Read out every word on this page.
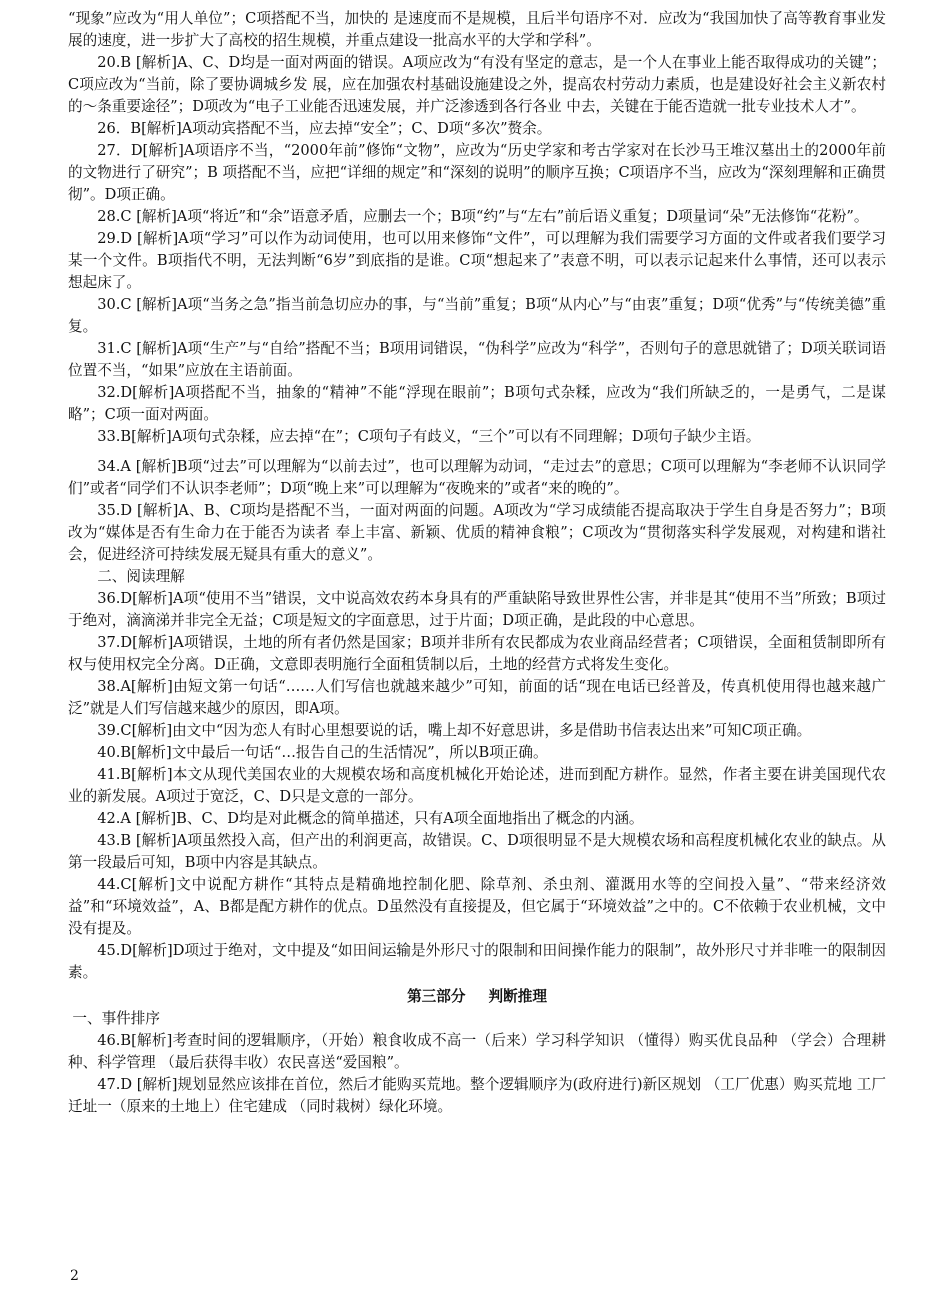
“现象”应改为“用人单位”；C项搭配不当，加快的 是速度而不是规模，且后半句语序不对．应改为“我国加快了高等教育事业发展的速度，进一步扩大了高校的招生规模，并重点建设一批高水平的大学和学科”。

20.B [解析]A、C、D均是一面对两面的错误。A项应改为“有没有坚定的意志，是一个人在事业上能否取得成功的关键”；C项应改为“当前，除了要协调城乡发 展，应在加强农村基础设施建设之外，提高农村劳动力素质，也是建设好社会主义新农村的～条重要途径”；D项改为“电子工业能否迅速发展，并广泛渗透到各行各业 中去，关键在于能否造就一批专业技术人才”。

26．B[解析]A项动宾搭配不当，应去掉“安全”；C、D项“多次”赘余。

27．D[解析]A项语序不当，“2000年前”修饰“文物”，应改为“历史学家和考古学家对在长沙马王堆汉墓出土的2000年前的文物进行了研究”；B 项搭配不当，应把“详细的规定”和“深刻的说明”的顺序互换；C项语序不当，应改为“深刻理解和正确贯彻”。D项正确。

28.C [解析]A项“将近”和“余”语意矛盾，应删去一个；B项“约”与“左右”前后语义重复；D项量词“朵”无法修饰“花粉”。

29.D [解析]A项“学习”可以作为动词使用，也可以用来修饰“文件”，可以理解为我们需要学习方面的文件或者我们要学习某一个文件。B项指代不明，无法判断“6岁”到底指的是谁。C项“想起来了”表意不明，可以表示记起来什么事情，还可以表示想起床了。

30.C [解析]A项“当务之急”指当前急切应办的事，与“当前”重复；B项“从内心”与“由衷”重复；D项“优秀”与“传统美德”重复。

31.C [解析]A项“生产”与“自给”搭配不当；B项用词错误，“伪科学”应改为“科学”，否则句子的意思就错了；D项关联词语位置不当，“如果”应放在主语前面。

32.D[解析]A项搭配不当，抽象的“精神”不能“浮现在眼前”；B项句式杂糅，应改为“我们所缺乏的，一是勇气，二是谋略”；C项一面对两面。

33.B[解析]A项句式杂糅，应去掉“在”；C项句子有歧义，“三个”可以有不同理解；D项句子缺少主语。

34.A [解析]B项“过去”可以理解为“以前去过”，也可以理解为动词，“走过去”的意思；C项可以理解为“李老师不认识同学们”或者“同学们不认识李老师”；D项“晚上来”可以理解为“夜晚来的”或者“来的晚的”。

35.D [解析]A、B、C项均是搭配不当，一面对两面的问题。A项改为“学习成绩能否提高取决于学生自身是否努力”；B项改为“媒体是否有生命力在于能否为读者 奉上丰富、新颖、优质的精神食粮”；C项改为“贯彻落实科学发展观，对构建和谐社会，促进经济可持续发展无疑具有重大的意义”。

二、阅读理解

36.D[解析]A项“使用不当”错误，文中说高效农药本身具有的严重缺陷导致世界性公害，并非是其“使用不当”所致；B项过于绝对，滴滴涕并非完全无益；C项是短文的字面意思，过于片面；D项正确，是此段的中心意思。

37.D[解析]A项错误，土地的所有者仍然是国家；B项并非所有农民都成为农业商品经营者；C项错误，全面租赁制即所有权与使用权完全分离。D正确，文意即表明施行全面租赁制以后，土地的经营方式将发生变化。

38.A[解析]由短文第一句话“……人们写信也就越来越少”可知，前面的话“现在电话已经普及，传真机使用得也越来越广泛”就是人们写信越来越少的原因，即A项。

39.C[解析]由文中“因为恋人有时心里想要说的话，嘴上却不好意思讲，多是借助书信表达出来”可知C项正确。

40.B[解析]文中最后一句话“…报告自己的生活情况”，所以B项正确。

41.B[解析]本文从现代美国农业的大规模农场和高度机械化开始论述，进而到配方耕作。显然，作者主要在讲美国现代农业的新发展。A项过于宽泛，C、D只是文意的一部分。

42.A [解析]B、C、D均是对此概念的简单描述，只有A项全面地指出了概念的内涵。

43.B [解析]A项虽然投入高，但产出的利润更高，故错误。C、D项很明显不是大规模农场和高程度机械化农业的缺点。从第一段最后可知，B项中内容是其缺点。

44.C[解析]文中说配方耕作“其特点是精确地控制化肥、除草剂、杀虫剂、灌溉用水等的空间投入量”、“带来经济效益”和“环境效益”，A、B都是配方耕作的优点。D虽然没有直接提及，但它属于“环境效益”之中的。C不依赖于农业机械，文中没有提及。

45.D[解析]D项过于绝对，文中提及“如田间运输是外形尺寸的限制和田间操作能力的限制”，故外形尺寸并非唯一的限制因素。

第三部分 判断推理

一、事件排序

46.B[解析]考查时间的逻辑顺序，（开始）粮食收成不高一（后来）学习科学知识 （懂得）购买优良品种 （学会）合理耕种、科学管理 （最后获得丰收）农民喜送“爱国粮”。

47.D [解析]规划显然应该排在首位，然后才能购买荒地。整个逻辑顺序为(政府进行)新区规划 （工厂优惠）购买荒地 工厂迁址一（原来的土地上）住宅建成 （同时栽树）绿化环境。

2
